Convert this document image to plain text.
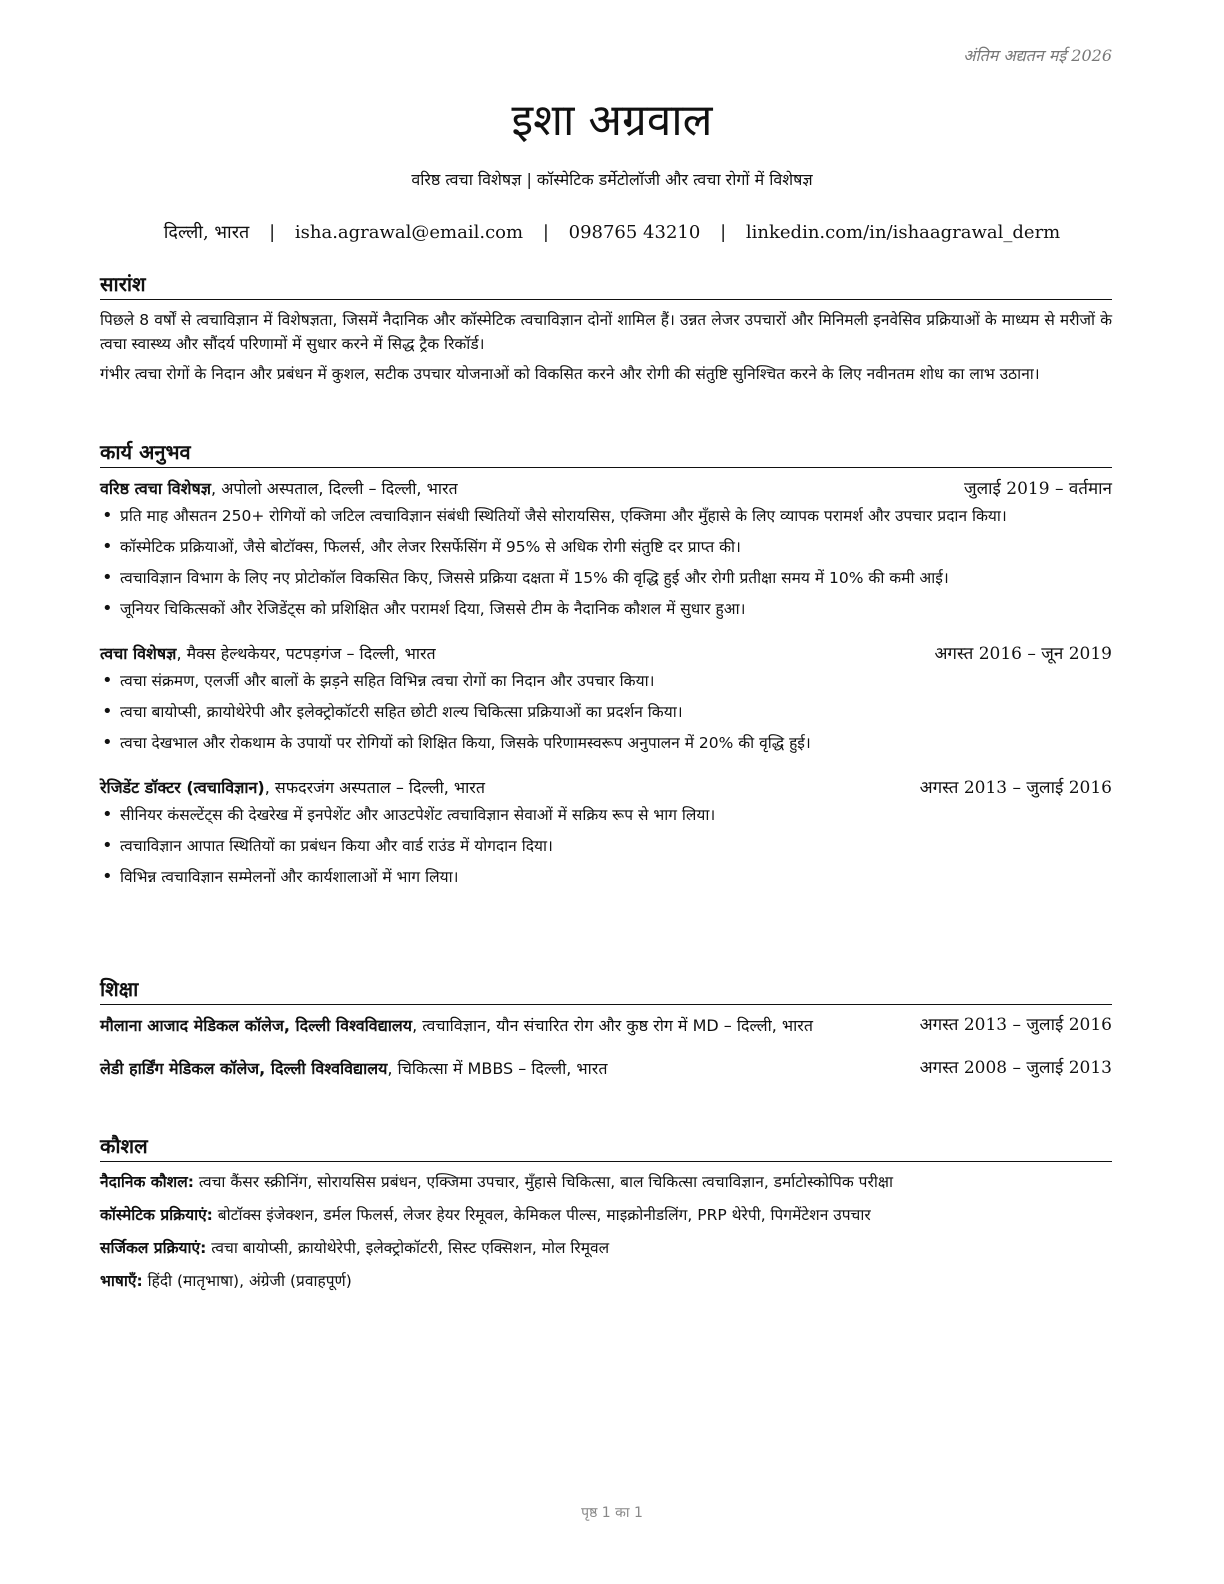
अंतिम अद्यतन मई 2026
इशा अग्रवाल
वरिष्ठ त्वचा विशेषज्ञ | कॉस्मेटिक डर्मेटोलॉजी और त्वचा रोगों में विशेषज्ञ
दिल्ली, भारत | isha.agrawal@email.com | 098765 43210 | linkedin.com/in/ishaagrawal_derm
सारांश

पिछले 8 वर्षों से त्वचाविज्ञान में विशेषज्ञता, जिसमें नैदानिक और कॉस्मेटिक त्वचाविज्ञान दोनों शामिल हैं। उन्नत लेजर उपचारों और मिनिमली इनवेसिव प्रक्रियाओं के माध्यम से मरीजों के त्वचा स्वास्थ्य और सौंदर्य परिणामों में सुधार करने में सिद्ध ट्रैक रिकॉर्ड।

गंभीर त्वचा रोगों के निदान और प्रबंधन में कुशल, सटीक उपचार योजनाओं को विकसित करने और रोगी की संतुष्टि सुनिश्चित करने के लिए नवीनतम शोध का लाभ उठाना।

कार्य अनुभव
वरिष्ठ त्वचा विशेषज्ञ, अपोलो अस्पताल, दिल्ली – दिल्ली, भारत	जुलाई 2019 – वर्तमान
• प्रति माह औसतन 250+ रोगियों को जटिल त्वचाविज्ञान संबंधी स्थितियों जैसे सोरायसिस, एक्जिमा और मुँहासे के लिए व्यापक परामर्श और उपचार प्रदान किया।
• कॉस्मेटिक प्रक्रियाओं, जैसे बोटॉक्स, फिलर्स, और लेजर रिसर्फेसिंग में 95% से अधिक रोगी संतुष्टि दर प्राप्त की।
• त्वचाविज्ञान विभाग के लिए नए प्रोटोकॉल विकसित किए, जिससे प्रक्रिया दक्षता में 15% की वृद्धि हुई और रोगी प्रतीक्षा समय में 10% की कमी आई।
• जूनियर चिकित्सकों और रेजिडेंट्स को प्रशिक्षित और परामर्श दिया, जिससे टीम के नैदानिक कौशल में सुधार हुआ।
त्वचा विशेषज्ञ, मैक्स हेल्थकेयर, पटपड़गंज – दिल्ली, भारत	अगस्त 2016 – जून 2019
• त्वचा संक्रमण, एलर्जी और बालों के झड़ने सहित विभिन्न त्वचा रोगों का निदान और उपचार किया।
• त्वचा बायोप्सी, क्रायोथेरेपी और इलेक्ट्रोकॉटरी सहित छोटी शल्य चिकित्सा प्रक्रियाओं का प्रदर्शन किया।
• त्वचा देखभाल और रोकथाम के उपायों पर रोगियों को शिक्षित किया, जिसके परिणामस्वरूप अनुपालन में 20% की वृद्धि हुई।
रेजिडेंट डॉक्टर (त्वचाविज्ञान), सफदरजंग अस्पताल – दिल्ली, भारत	अगस्त 2013 – जुलाई 2016
• सीनियर कंसल्टेंट्स की देखरेख में इनपेशेंट और आउटपेशेंट त्वचाविज्ञान सेवाओं में सक्रिय रूप से भाग लिया।
• त्वचाविज्ञान आपात स्थितियों का प्रबंधन किया और वार्ड राउंड में योगदान दिया।
• विभिन्न त्वचाविज्ञान सम्मेलनों और कार्यशालाओं में भाग लिया।
शिक्षा
मौलाना आजाद मेडिकल कॉलेज, दिल्ली विश्वविद्यालय, त्वचाविज्ञान, यौन संचारित रोग और कुष्ठ रोग में MD – दिल्ली, भारत	अगस्त 2013 – जुलाई 2016
लेडी हार्डिंग मेडिकल कॉलेज, दिल्ली विश्वविद्यालय, चिकित्सा में MBBS – दिल्ली, भारत	अगस्त 2008 – जुलाई 2013
कौशल
नैदानिक कौशल: त्वचा कैंसर स्क्रीनिंग, सोरायसिस प्रबंधन, एक्जिमा उपचार, मुँहासे चिकित्सा, बाल चिकित्सा त्वचाविज्ञान, डर्माटोस्कोपिक परीक्षा
कॉस्मेटिक प्रक्रियाएं: बोटॉक्स इंजेक्शन, डर्मल फिलर्स, लेजर हेयर रिमूवल, केमिकल पील्स, माइक्रोनीडलिंग, PRP थेरेपी, पिगमेंटेशन उपचार
सर्जिकल प्रक्रियाएं: त्वचा बायोप्सी, क्रायोथेरेपी, इलेक्ट्रोकॉटरी, सिस्ट एक्सिशन, मोल रिमूवल
भाषाएँ: हिंदी (मातृभाषा), अंग्रेजी (प्रवाहपूर्ण)
पृष्ठ 1 का 1
